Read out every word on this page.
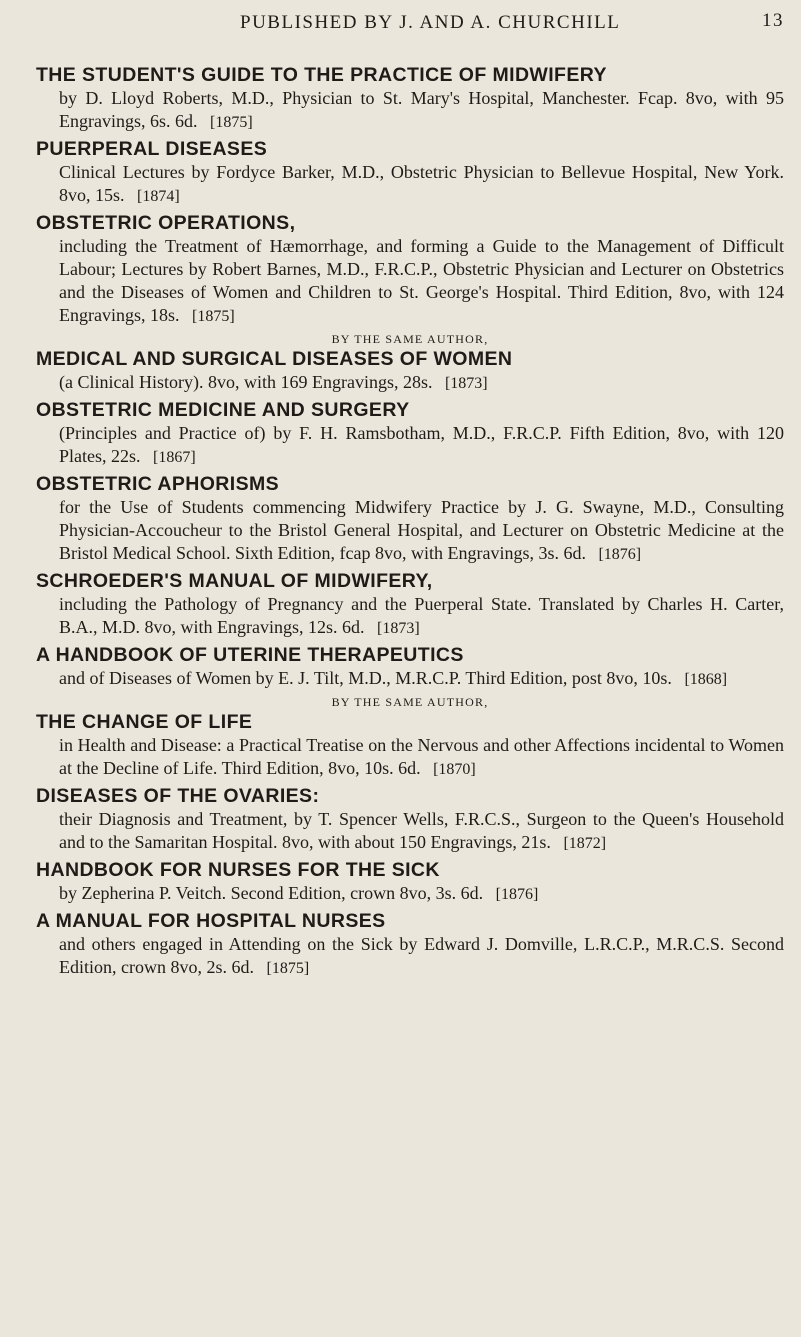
PUBLISHED BY J. AND A. CHURCHILL	13
THE STUDENT'S GUIDE TO THE PRACTICE OF MIDWIFERY
by D. Lloyd Roberts, M.D., Physician to St. Mary's Hospital, Manchester. Fcap. 8vo, with 95 Engravings, 6s. 6d. [1875]
PUERPERAL DISEASES
Clinical Lectures by Fordyce Barker, M.D., Obstetric Physician to Bellevue Hospital, New York. 8vo, 15s. [1874]
OBSTETRIC OPERATIONS,
including the Treatment of Hæmorrhage, and forming a Guide to the Management of Difficult Labour; Lectures by Robert Barnes, M.D., F.R.C.P., Obstetric Physician and Lecturer on Obstetrics and the Diseases of Women and Children to St. George's Hospital. Third Edition, 8vo, with 124 Engravings, 18s. [1875]
BY THE SAME AUTHOR,
MEDICAL AND SURGICAL DISEASES OF WOMEN
(a Clinical History). 8vo, with 169 Engravings, 28s. [1873]
OBSTETRIC MEDICINE AND SURGERY
(Principles and Practice of) by F. H. Ramsbotham, M.D., F.R.C.P. Fifth Edition, 8vo, with 120 Plates, 22s. [1867]
OBSTETRIC APHORISMS
for the Use of Students commencing Midwifery Practice by J. G. Swayne, M.D., Consulting Physician-Accoucheur to the Bristol General Hospital, and Lecturer on Obstetric Medicine at the Bristol Medical School. Sixth Edition, fcap 8vo, with Engravings, 3s. 6d. [1876]
SCHROEDER'S MANUAL OF MIDWIFERY,
including the Pathology of Pregnancy and the Puerperal State. Translated by Charles H. Carter, B.A., M.D. 8vo, with Engravings, 12s. 6d. [1873]
A HANDBOOK OF UTERINE THERAPEUTICS
and of Diseases of Women by E. J. Tilt, M.D., M.R.C.P. Third Edition, post 8vo, 10s. [1868]
BY THE SAME AUTHOR,
THE CHANGE OF LIFE
in Health and Disease: a Practical Treatise on the Nervous and other Affections incidental to Women at the Decline of Life. Third Edition, 8vo, 10s. 6d. [1870]
DISEASES OF THE OVARIES:
their Diagnosis and Treatment, by T. Spencer Wells, F.R.C.S., Surgeon to the Queen's Household and to the Samaritan Hospital. 8vo, with about 150 Engravings, 21s. [1872]
HANDBOOK FOR NURSES FOR THE SICK
by Zepherina P. Veitch. Second Edition, crown 8vo, 3s. 6d. [1876]
A MANUAL FOR HOSPITAL NURSES
and others engaged in Attending on the Sick by Edward J. Domville, L.R.C.P., M.R.C.S. Second Edition, crown 8vo, 2s. 6d. [1875]
